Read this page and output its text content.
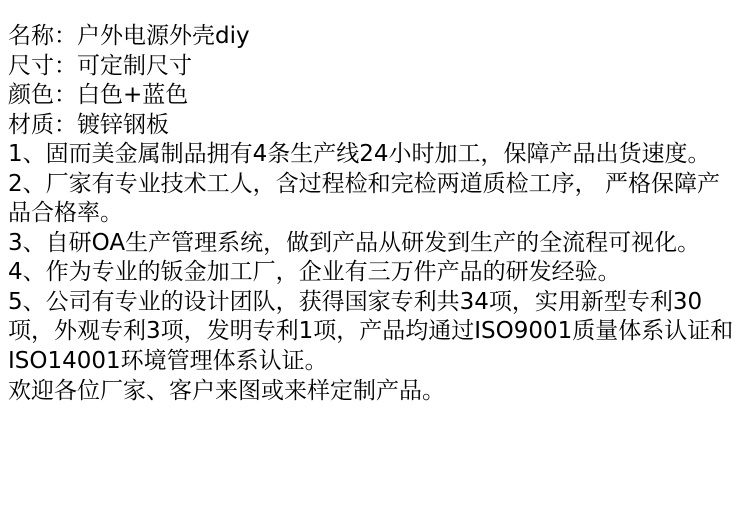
名称：户外电源外壳diy
尺寸：可定制尺寸
颜色：白色+蓝色
材质：镀锌钢板
1、固而美金属制品拥有4条生产线24小时加工，保障产品出货速度。
2、厂家有专业技术工人，含过程检和完检两道质检工序， 严格保障产品合格率。
3、自研OA生产管理系统，做到产品从研发到生产的全流程可视化。
4、作为专业的钣金加工厂，企业有三万件产品的研发经验。
5、公司有专业的设计团队，获得国家专利共34项，实用新型专利30项，外观专利3项，发明专利1项，产品均通过ISO9001质量体系认证和ISO14001环境管理体系认证。
欢迎各位厂家、客户来图或来样定制产品。
